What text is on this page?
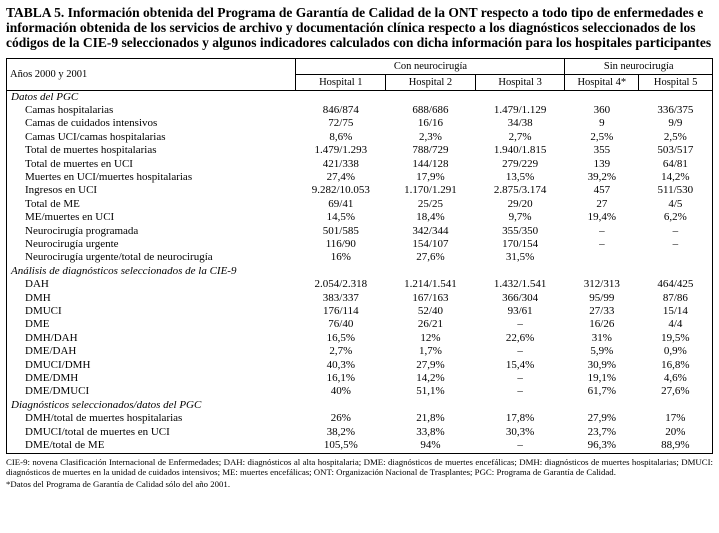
TABLA 5. Información obtenida del Programa de Garantía de Calidad de la ONT respecto a todo tipo de enfermedades e información obtenida de los servicios de archivo y documentación clínica respecto a los diagnósticos seleccionados de los códigos de la CIE-9 seleccionados y algunos indicadores calculados con dicha información para los hospitales participantes
Años 2000 y 2001	Con neurocirugía			Sin neurocirugía	
	Hospital 1	Hospital 2	Hospital 3	Hospital 4*	Hospital 5
Datos del PGC					
Camas hospitalarias	846/874	688/686	1.479/1.129	360	336/375
Camas de cuidados intensivos	72/75	16/16	34/38	9	9/9
Camas UCI/camas hospitalarias	8,6%	2,3%	2,7%	2,5%	2,5%
Total de muertes hospitalarias	1.479/1.293	788/729	1.940/1.815	355	503/517
Total de muertes en UCI	421/338	144/128	279/229	139	64/81
Muertes en UCI/muertes hospitalarias	27,4%	17,9%	13,5%	39,2%	14,2%
Ingresos en UCI	9.282/10.053	1.170/1.291	2.875/3.174	457	511/530
Total de ME	69/41	25/25	29/20	27	4/5
ME/muertes en UCI	14,5%	18,4%	9,7%	19,4%	6,2%
Neurocirugía programada	501/585	342/344	355/350	–	–
Neurocirugía urgente	116/90	154/107	170/154	–	–
Neurocirugía urgente/total de neurocirugía	16%	27,6%	31,5%		
Análisis de diagnósticos seleccionados de la CIE-9					
DAH	2.054/2.318	1.214/1.541	1.432/1.541	312/313	464/425
DMH	383/337	167/163	366/304	95/99	87/86
DMUCI	176/114	52/40	93/61	27/33	15/14
DME	76/40	26/21	–	16/26	4/4
DMH/DAH	16,5%	12%	22,6%	31%	19,5%
DME/DAH	2,7%	1,7%	–	5,9%	0,9%
DMUCI/DMH	40,3%	27,9%	15,4%	30,9%	16,8%
DME/DMH	16,1%	14,2%	–	19,1%	4,6%
DME/DMUCI	40%	51,1%	–	61,7%	27,6%
Diagnósticos seleccionados/datos del PGC					
DMH/total de muertes hospitalarias	26%	21,8%	17,8%	27,9%	17%
DMUCI/total de muertes en UCI	38,2%	33,8%	30,3%	23,7%	20%
DME/total de ME	105,5%	94%	–	96,3%	88,9%

CIE-9: novena Clasificación Internacional de Enfermedades; DAH: diagnósticos al alta hospitalaria; DME: diagnósticos de muertes encefálicas; DMH: diagnósticos de muertes hospitalarias; DMUCI: diagnósticos de muertes en la unidad de cuidados intensivos; ME: muertes encefálicas; ONT: Organización Nacional de Trasplantes; PGC: Programa de Garantía de Calidad.

*Datos del Programa de Garantía de Calidad sólo del año 2001.
